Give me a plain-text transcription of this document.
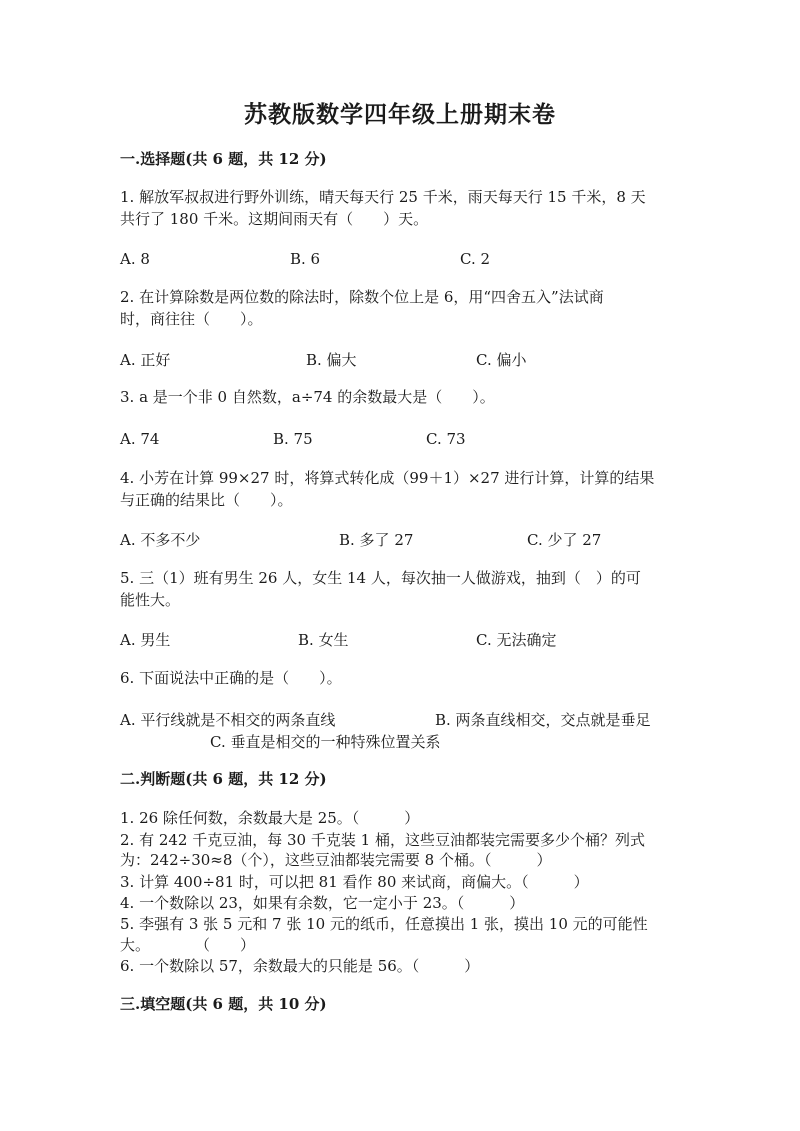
苏教版数学四年级上册期末卷
一.选择题(共 6 题，共 12 分)
1. 解放军叔叔进行野外训练，晴天每天行 25 千米，雨天每天行 15 千米，8 天
共行了 180 千米。这期间雨天有（　　）天。
A. 8	B. 6	C. 2
2. 在计算除数是两位数的除法时，除数个位上是 6，用“四舍五入”法试商
时，商往往（　　）。
A. 正好	B. 偏大	C. 偏小
3. a 是一个非 0 自然数，a÷74 的余数最大是（　　）。
A. 74	B. 75	C. 73
4. 小芳在计算 99×27 时，将算式转化成（99＋1）×27 进行计算，计算的结果
与正确的结果比（　　）。
A. 不多不少	B. 多了 27	C. 少了 27
5. 三（1）班有男生 26 人，女生 14 人，每次抽一人做游戏，抽到（　）的可
能性大。
A. 男生	B. 女生	C. 无法确定
6. 下面说法中正确的是（　　）。
A. 平行线就是不相交的两条直线	B. 两条直线相交，交点就是垂足
C. 垂直是相交的一种特殊位置关系
二.判断题(共 6 题，共 12 分)
1. 26 除任何数，余数最大是 25。（　　　）
2. 有 242 千克豆油，每 30 千克装 1 桶，这些豆油都装完需要多少个桶？列式
为：242÷30≈8（个），这些豆油都装完需要 8 个桶。（　　　）
3. 计算 400÷81 时，可以把 81 看作 80 来试商，商偏大。（　　　）
4. 一个数除以 23，如果有余数，它一定小于 23。（　　　）
5. 李强有 3 张 5 元和 7 张 10 元的纸币，任意摸出 1 张，摸出 10 元的可能性
大。　　　　（　　）
6. 一个数除以 57，余数最大的只能是 56。（　　　）
三.填空题(共 6 题，共 10 分)
